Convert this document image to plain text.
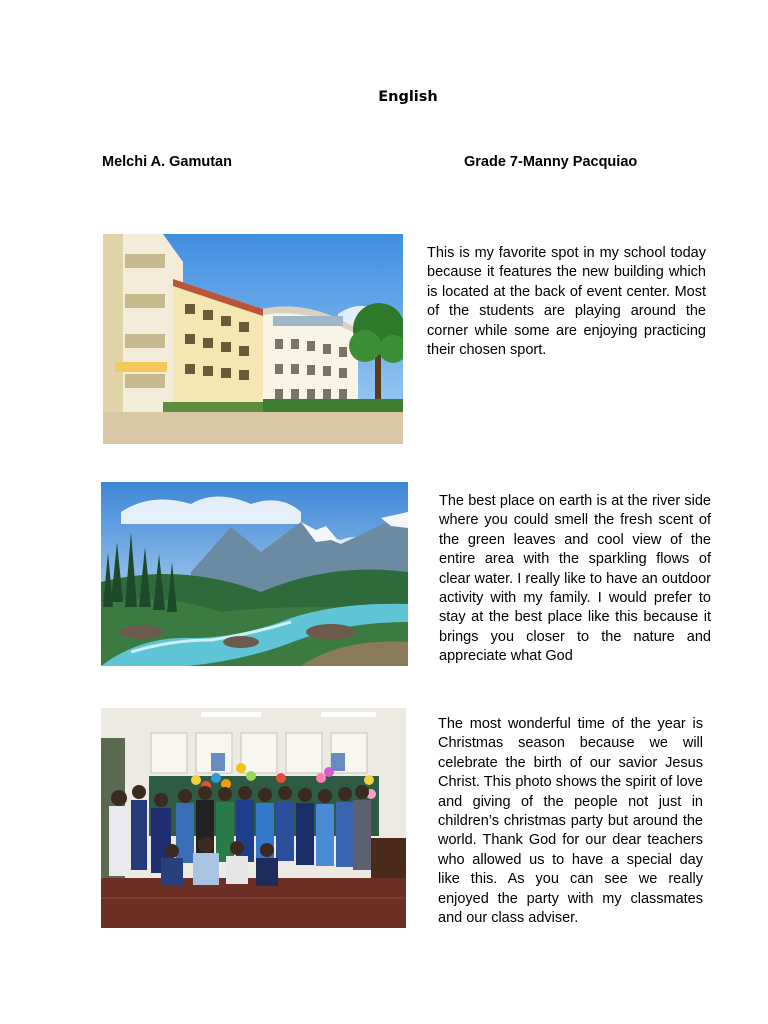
English
Melchi A. Gamutan	Grade 7-Manny Pacquiao
This is my favorite spot in my school today because it features the new building which is located at the back of event center. Most of the students are playing around the corner while some are enjoying practicing their chosen sport.
The best place on earth is at the river side where you could smell the fresh scent of the green leaves and cool view of the entire area with the sparkling flows of clear water. I really like to have an outdoor activity with my family. I would prefer to stay at the best place like this because it brings you closer to the nature and appreciate what God
The most wonderful time of the year is Christmas season because we will celebrate the birth of our savior Jesus Christ. This photo shows the spirit of love and giving of the people not just in children’s christmas party but around the world. Thank God for our dear teachers who allowed us to have a special day like this. As you can see we really enjoyed the party with my classmates and our class adviser.
